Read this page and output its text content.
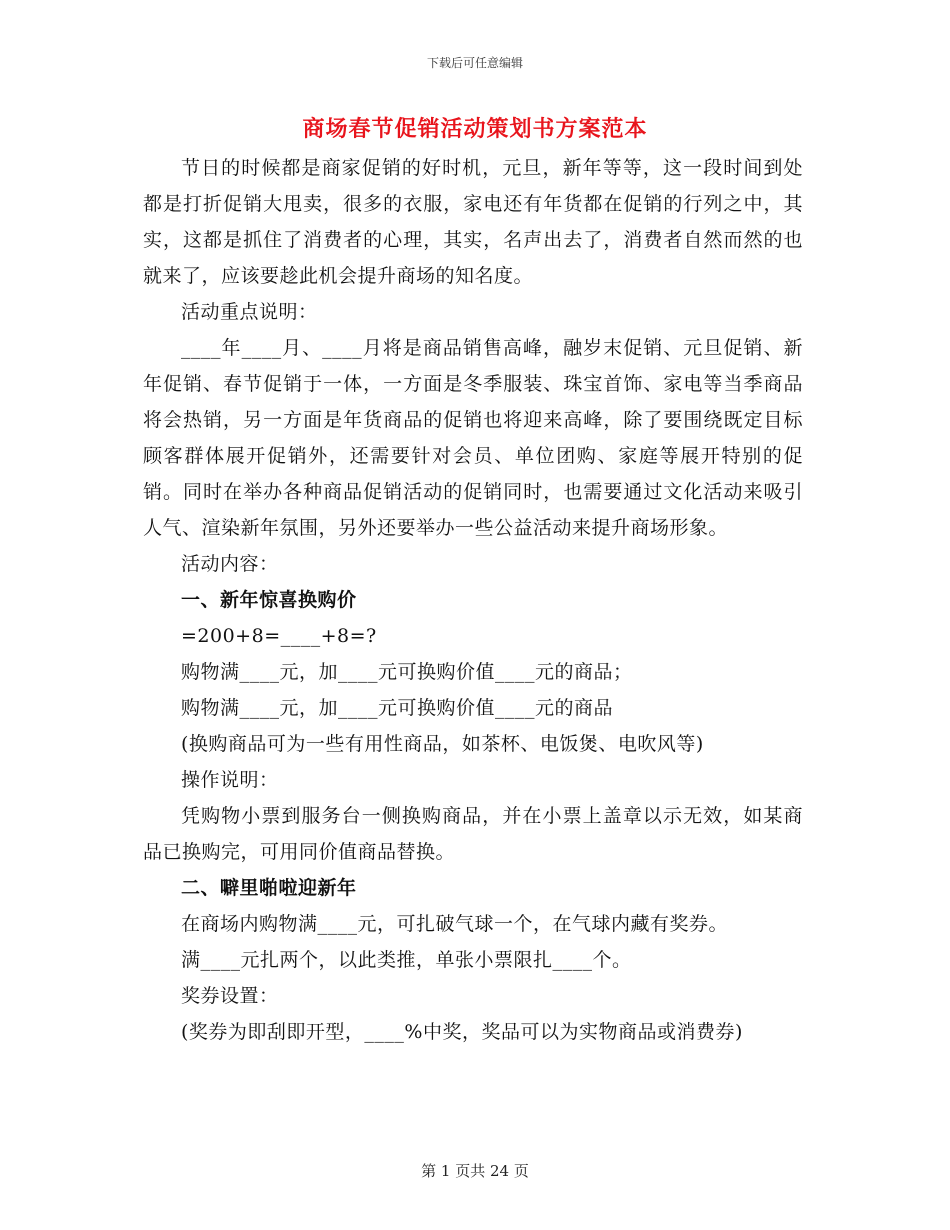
下载后可任意编辑
商场春节促销活动策划书方案范本

节日的时候都是商家促销的好时机，元旦，新年等等，这一段时间到处都是打折促销大甩卖，很多的衣服，家电还有年货都在促销的行列之中，其实，这都是抓住了消费者的心理，其实，名声出去了，消费者自然而然的也就来了，应该要趁此机会提升商场的知名度。

活动重点说明：

____年____月、____月将是商品销售高峰，融岁末促销、元旦促销、新年促销、春节促销于一体，一方面是冬季服装、珠宝首饰、家电等当季商品将会热销，另一方面是年货商品的促销也将迎来高峰，除了要围绕既定目标顾客群体展开促销外，还需要针对会员、单位团购、家庭等展开特别的促销。同时在举办各种商品促销活动的促销同时，也需要通过文化活动来吸引人气、渲染新年氛围，另外还要举办一些公益活动来提升商场形象。

活动内容：

一、新年惊喜换购价

=200+8=____+8=?

购物满____元，加____元可换购价值____元的商品；

购物满____元，加____元可换购价值____元的商品

(换购商品可为一些有用性商品，如茶杯、电饭煲、电吹风等)

操作说明：

凭购物小票到服务台一侧换购商品，并在小票上盖章以示无效，如某商品已换购完，可用同价值商品替换。

二、噼里啪啦迎新年

在商场内购物满____元，可扎破气球一个，在气球内藏有奖券。

满____元扎两个，以此类推，单张小票限扎____个。

奖券设置：

(奖券为即刮即开型，____%中奖，奖品可以为实物商品或消费券)

第 1 页共 24 页
